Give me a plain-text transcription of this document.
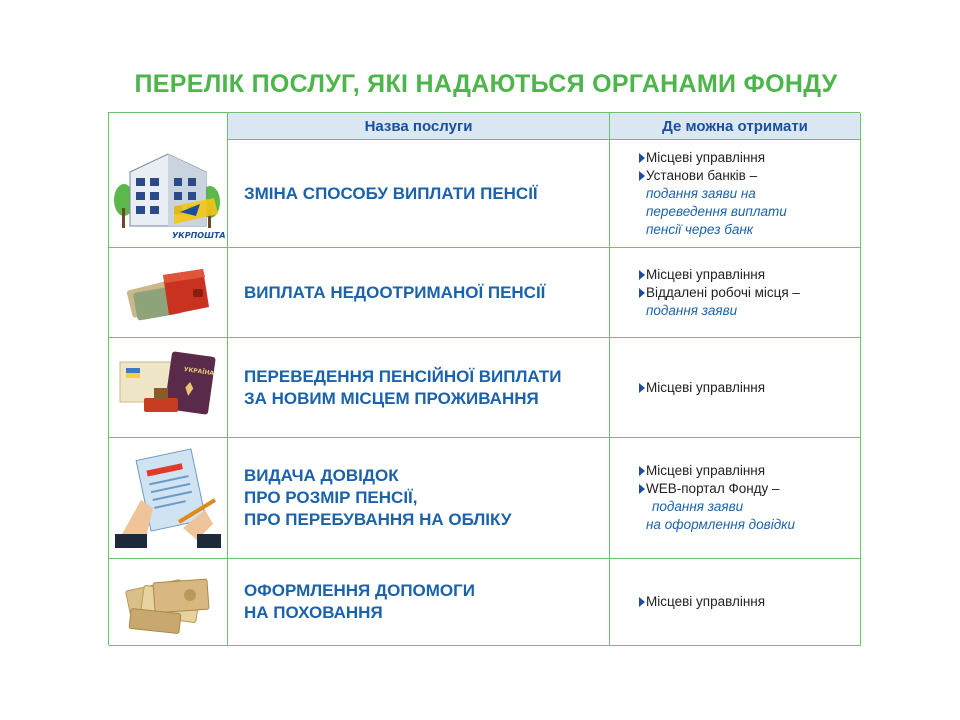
ПЕРЕЛІК ПОСЛУГ, ЯКІ НАДАЮТЬСЯ ОРГАНАМИ ФОНДУ
Назва послуги	Де можна отримати
ЗМІНА СПОСОБУ ВИПЛАТИ ПЕНСІЇ
Місцеві управління
Установи банків –
подання заяви на
переведення виплати
пенсії через банк
ВИПЛАТА НЕДООТРИМАНОЇ ПЕНСІЇ
Місцеві управління
Віддалені робочі місця –
подання заяви
УКРАЇНА ПЕРЕВЕДЕННЯ ПЕНСІЙНОЇ ВИПЛАТИ
ЗА НОВИМ МІСЦЕМ ПРОЖИВАННЯ
Місцеві управління
ВИДАЧА ДОВІДОК
ПРО РОЗМІР ПЕНСІЇ,
ПРО ПЕРЕБУВАННЯ НА ОБЛІКУ
Місцеві управління
WEB-портал Фонду –
подання заяви
на оформлення довідки
ОФОРМЛЕННЯ ДОПОМОГИ
НА ПОХОВАННЯ
Місцеві управління
УКРПОШТА
